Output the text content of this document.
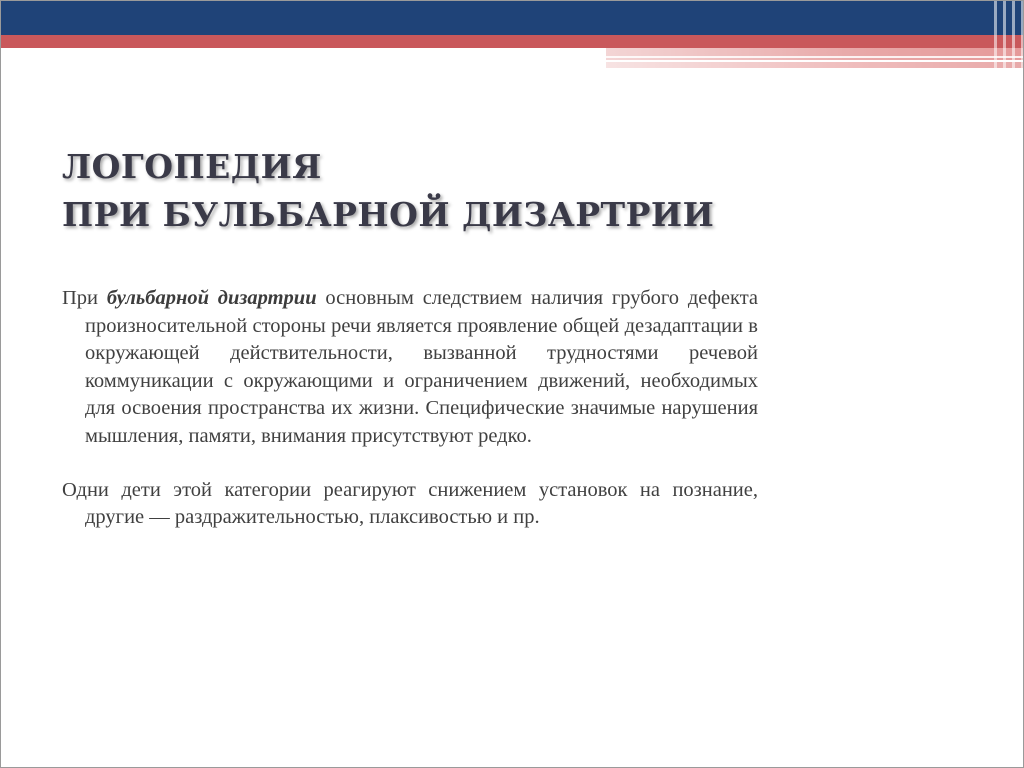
ЛОГОПЕДИЯ
ПРИ БУЛЬБАРНОЙ ДИЗАРТРИИ

При бульбарной дизартрии основным следствием наличия грубого дефекта произносительной стороны речи является проявление общей дезадаптации в окружающей действительности, вызванной трудностями речевой коммуникации с окружающими и ограничением движений, необходимых для освоения пространства их жизни. Специфические значимые нарушения мышления, памяти, внимания присутствуют редко.

Одни дети этой категории реагируют снижением установок на познание, другие — раздражительностью, плаксивостью и пр.
